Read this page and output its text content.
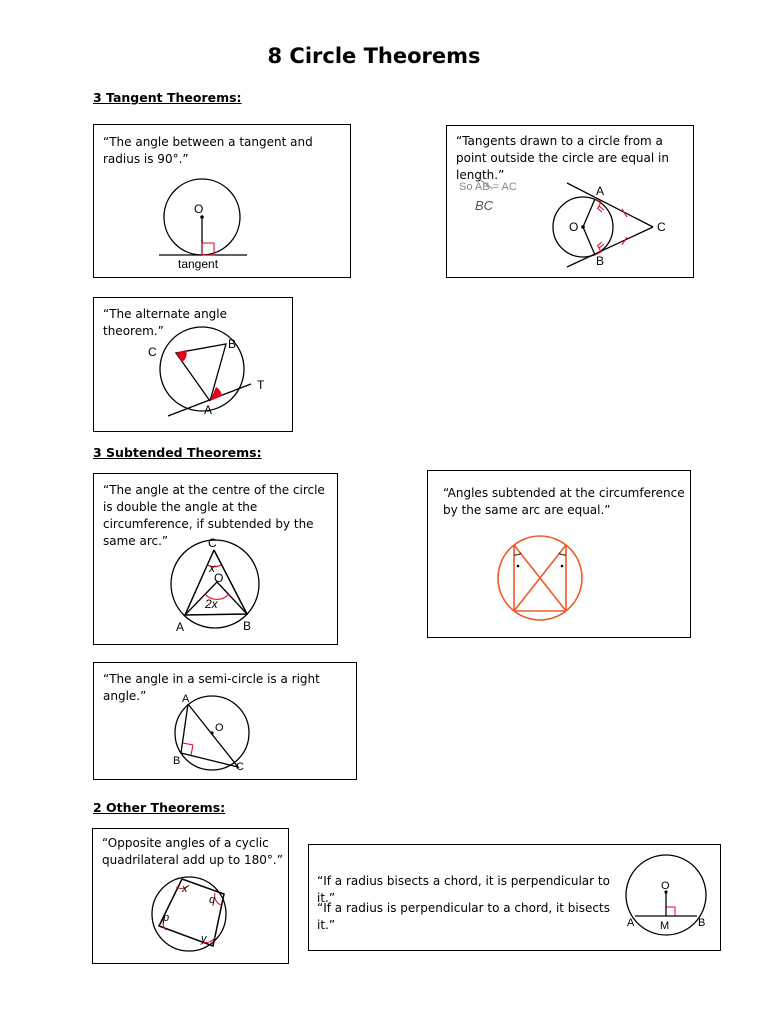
8 Circle Theorems
3 Tangent Theorems:
3 Subtended Theorems:
2 Other Theorems:
“The angle between a tangent and radius is 90°.”
O
tangent
“Tangents drawn to a circle from a point outside the circle are equal in length.”
So AB = AC
BC
A
B
C
O
“The alternate angle theorem.”
C
B
T
A
“The angle at the centre of the circle is double the angle at the circumference, if subtended by the same arc.”	C
O
x
2x
A	B
“Angles subtended at the circumference by the same arc are equal.”
“The angle in a semi-circle is a right angle.”	A
O
B	C
“Opposite angles of a cyclic quadrilateral add up to 180°.”
x
q
p
y
“If a radius bisects a chord, it is perpendicular to it.”
“If a radius is perpendicular to a chord, it bisects it.”
O
A M	B
